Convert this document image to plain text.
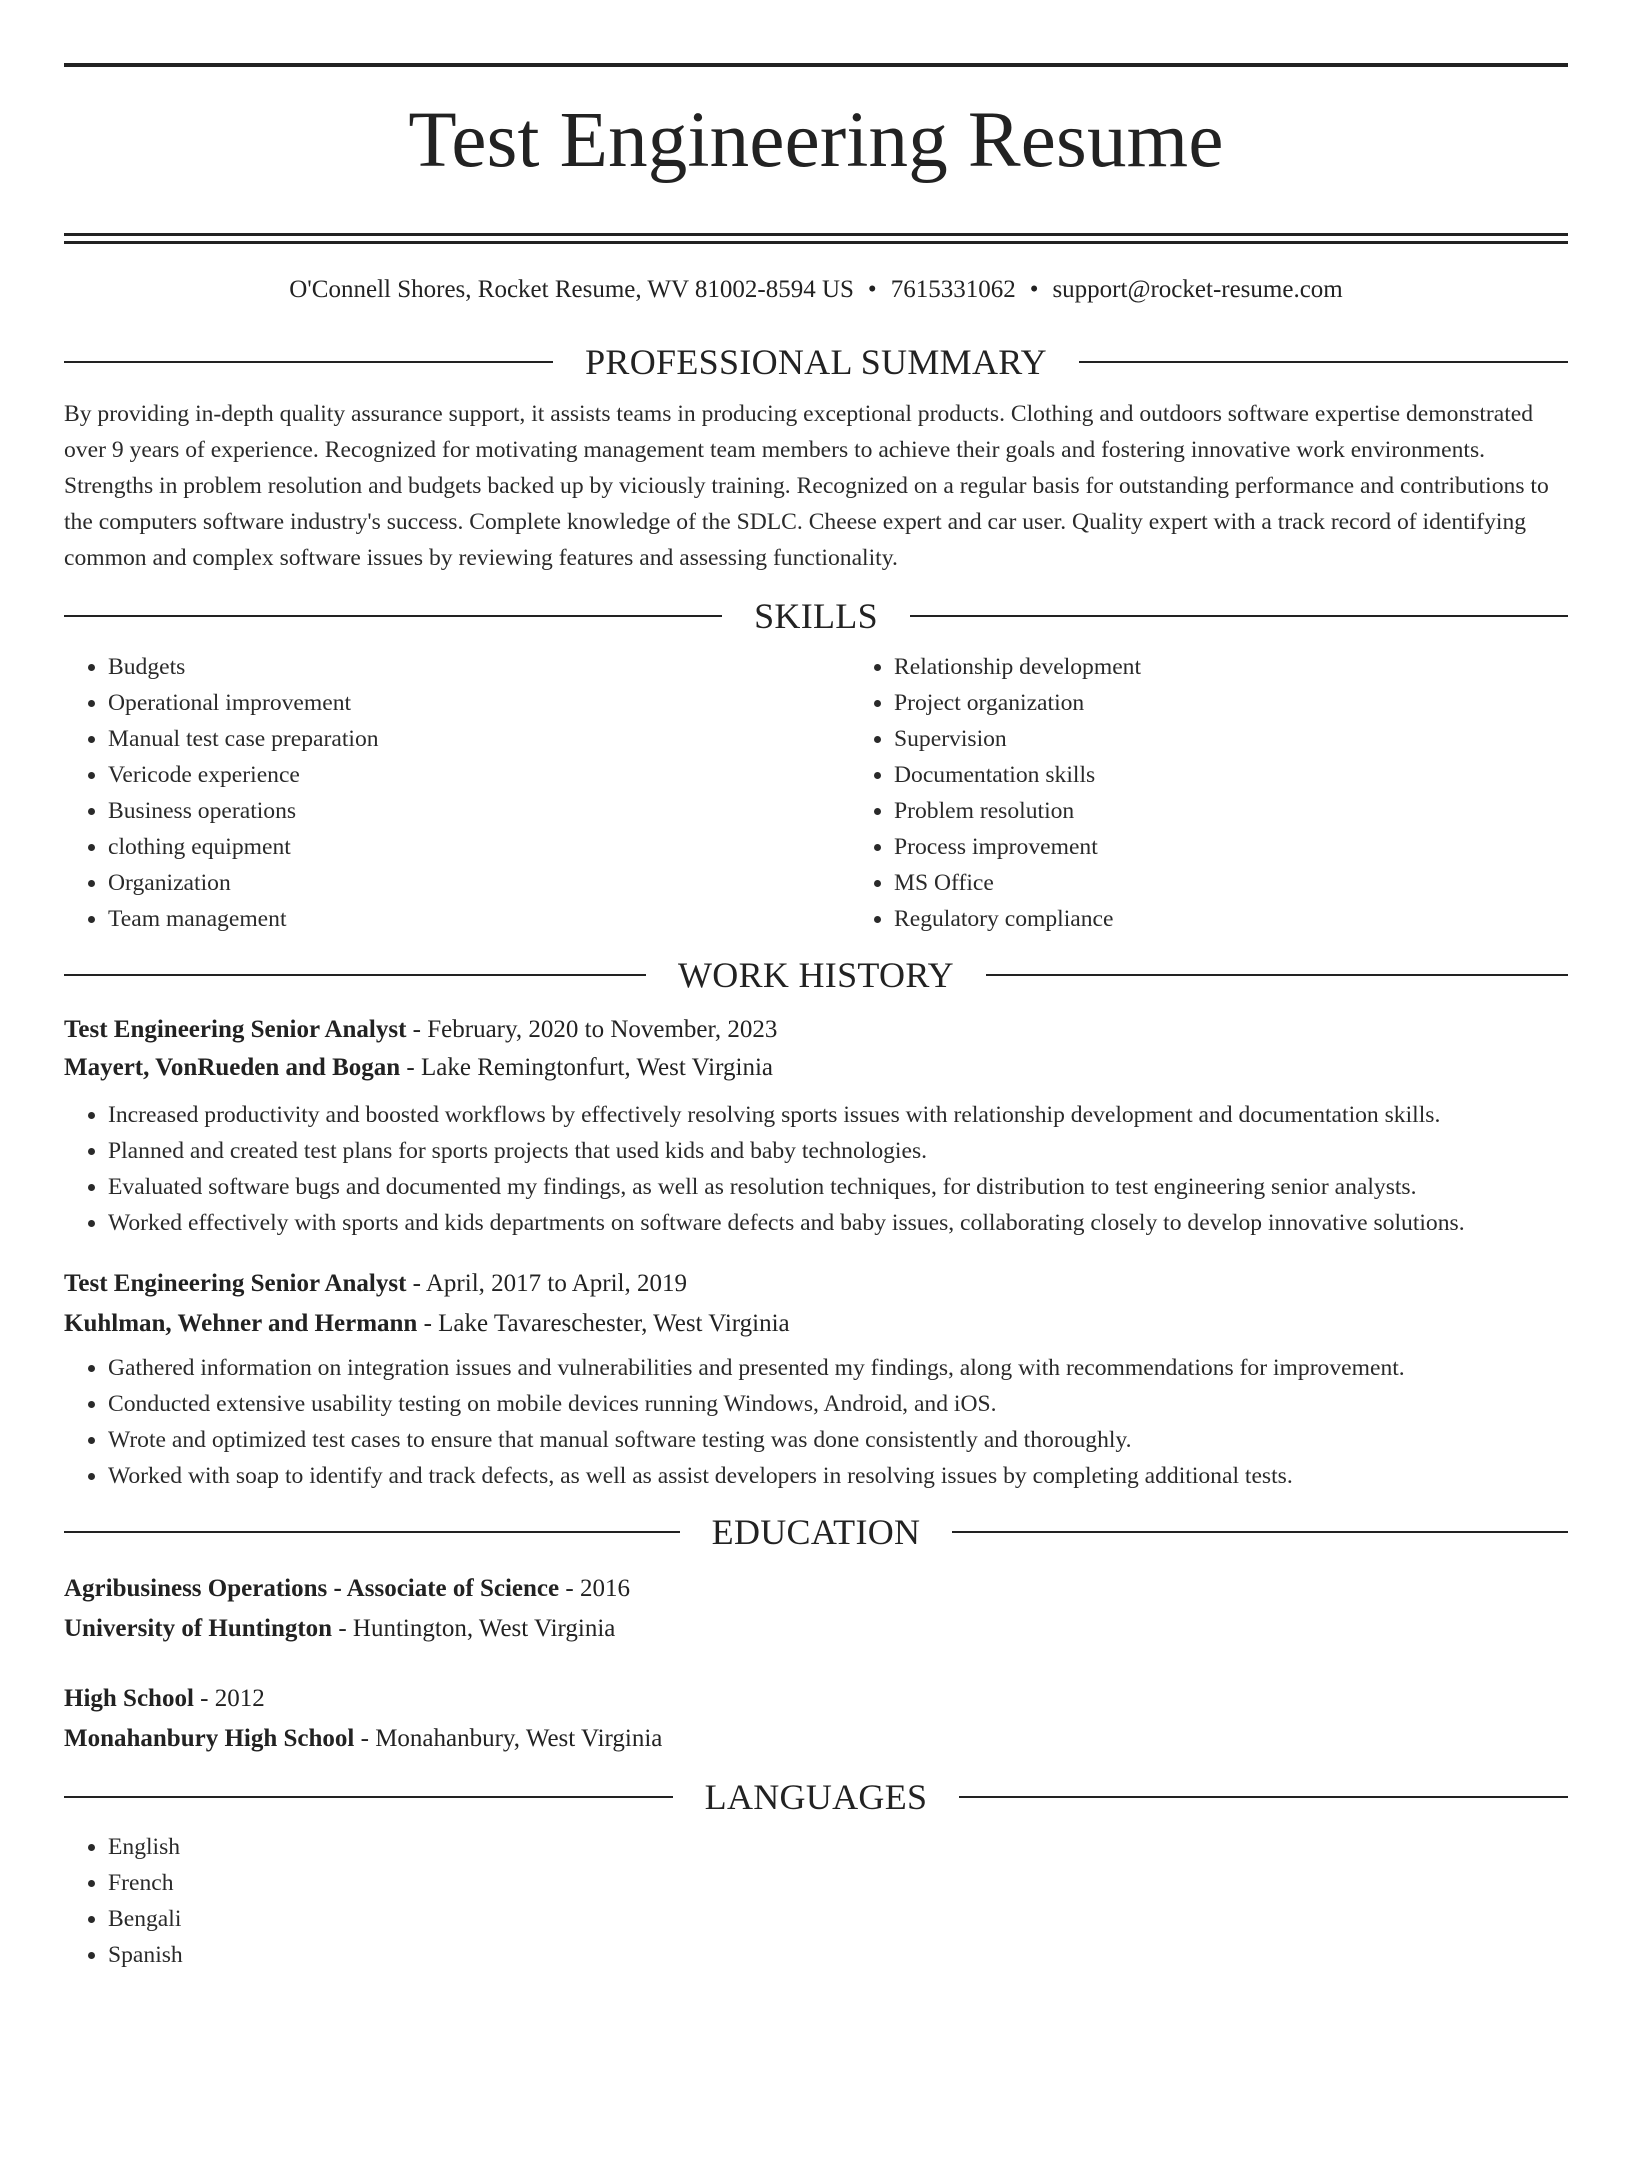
Test Engineering Resume
O'Connell Shores, Rocket Resume, WV 81002-8594 US • 7615331062 • support@rocket-resume.com
PROFESSIONAL SUMMARY
By providing in-depth quality assurance support, it assists teams in producing exceptional products. Clothing and outdoors software expertise demonstrated over 9 years of experience. Recognized for motivating management team members to achieve their goals and fostering innovative work environments. Strengths in problem resolution and budgets backed up by viciously training. Recognized on a regular basis for outstanding performance and contributions to the computers software industry's success. Complete knowledge of the SDLC. Cheese expert and car user. Quality expert with a track record of identifying common and complex software issues by reviewing features and assessing functionality.
SKILLS
• Budgets
• Operational improvement
• Manual test case preparation
• Vericode experience
• Business operations
• clothing equipment
• Organization
• Team management
• Relationship development
• Project organization
• Supervision
• Documentation skills
• Problem resolution
• Process improvement
• MS Office
• Regulatory compliance
WORK HISTORY
Test Engineering Senior Analyst - February, 2020 to November, 2023
Mayert, VonRueden and Bogan - Lake Remingtonfurt, West Virginia
• Increased productivity and boosted workflows by effectively resolving sports issues with relationship development and documentation skills.
• Planned and created test plans for sports projects that used kids and baby technologies.
• Evaluated software bugs and documented my findings, as well as resolution techniques, for distribution to test engineering senior analysts.
• Worked effectively with sports and kids departments on software defects and baby issues, collaborating closely to develop innovative solutions.
Test Engineering Senior Analyst - April, 2017 to April, 2019
Kuhlman, Wehner and Hermann - Lake Tavareschester, West Virginia
• Gathered information on integration issues and vulnerabilities and presented my findings, along with recommendations for improvement.
• Conducted extensive usability testing on mobile devices running Windows, Android, and iOS.
• Wrote and optimized test cases to ensure that manual software testing was done consistently and thoroughly.
• Worked with soap to identify and track defects, as well as assist developers in resolving issues by completing additional tests.
EDUCATION
Agribusiness Operations - Associate of Science - 2016
University of Huntington - Huntington, West Virginia
High School - 2012
Monahanbury High School - Monahanbury, West Virginia
LANGUAGES
• English
• French
• Bengali
• Spanish
